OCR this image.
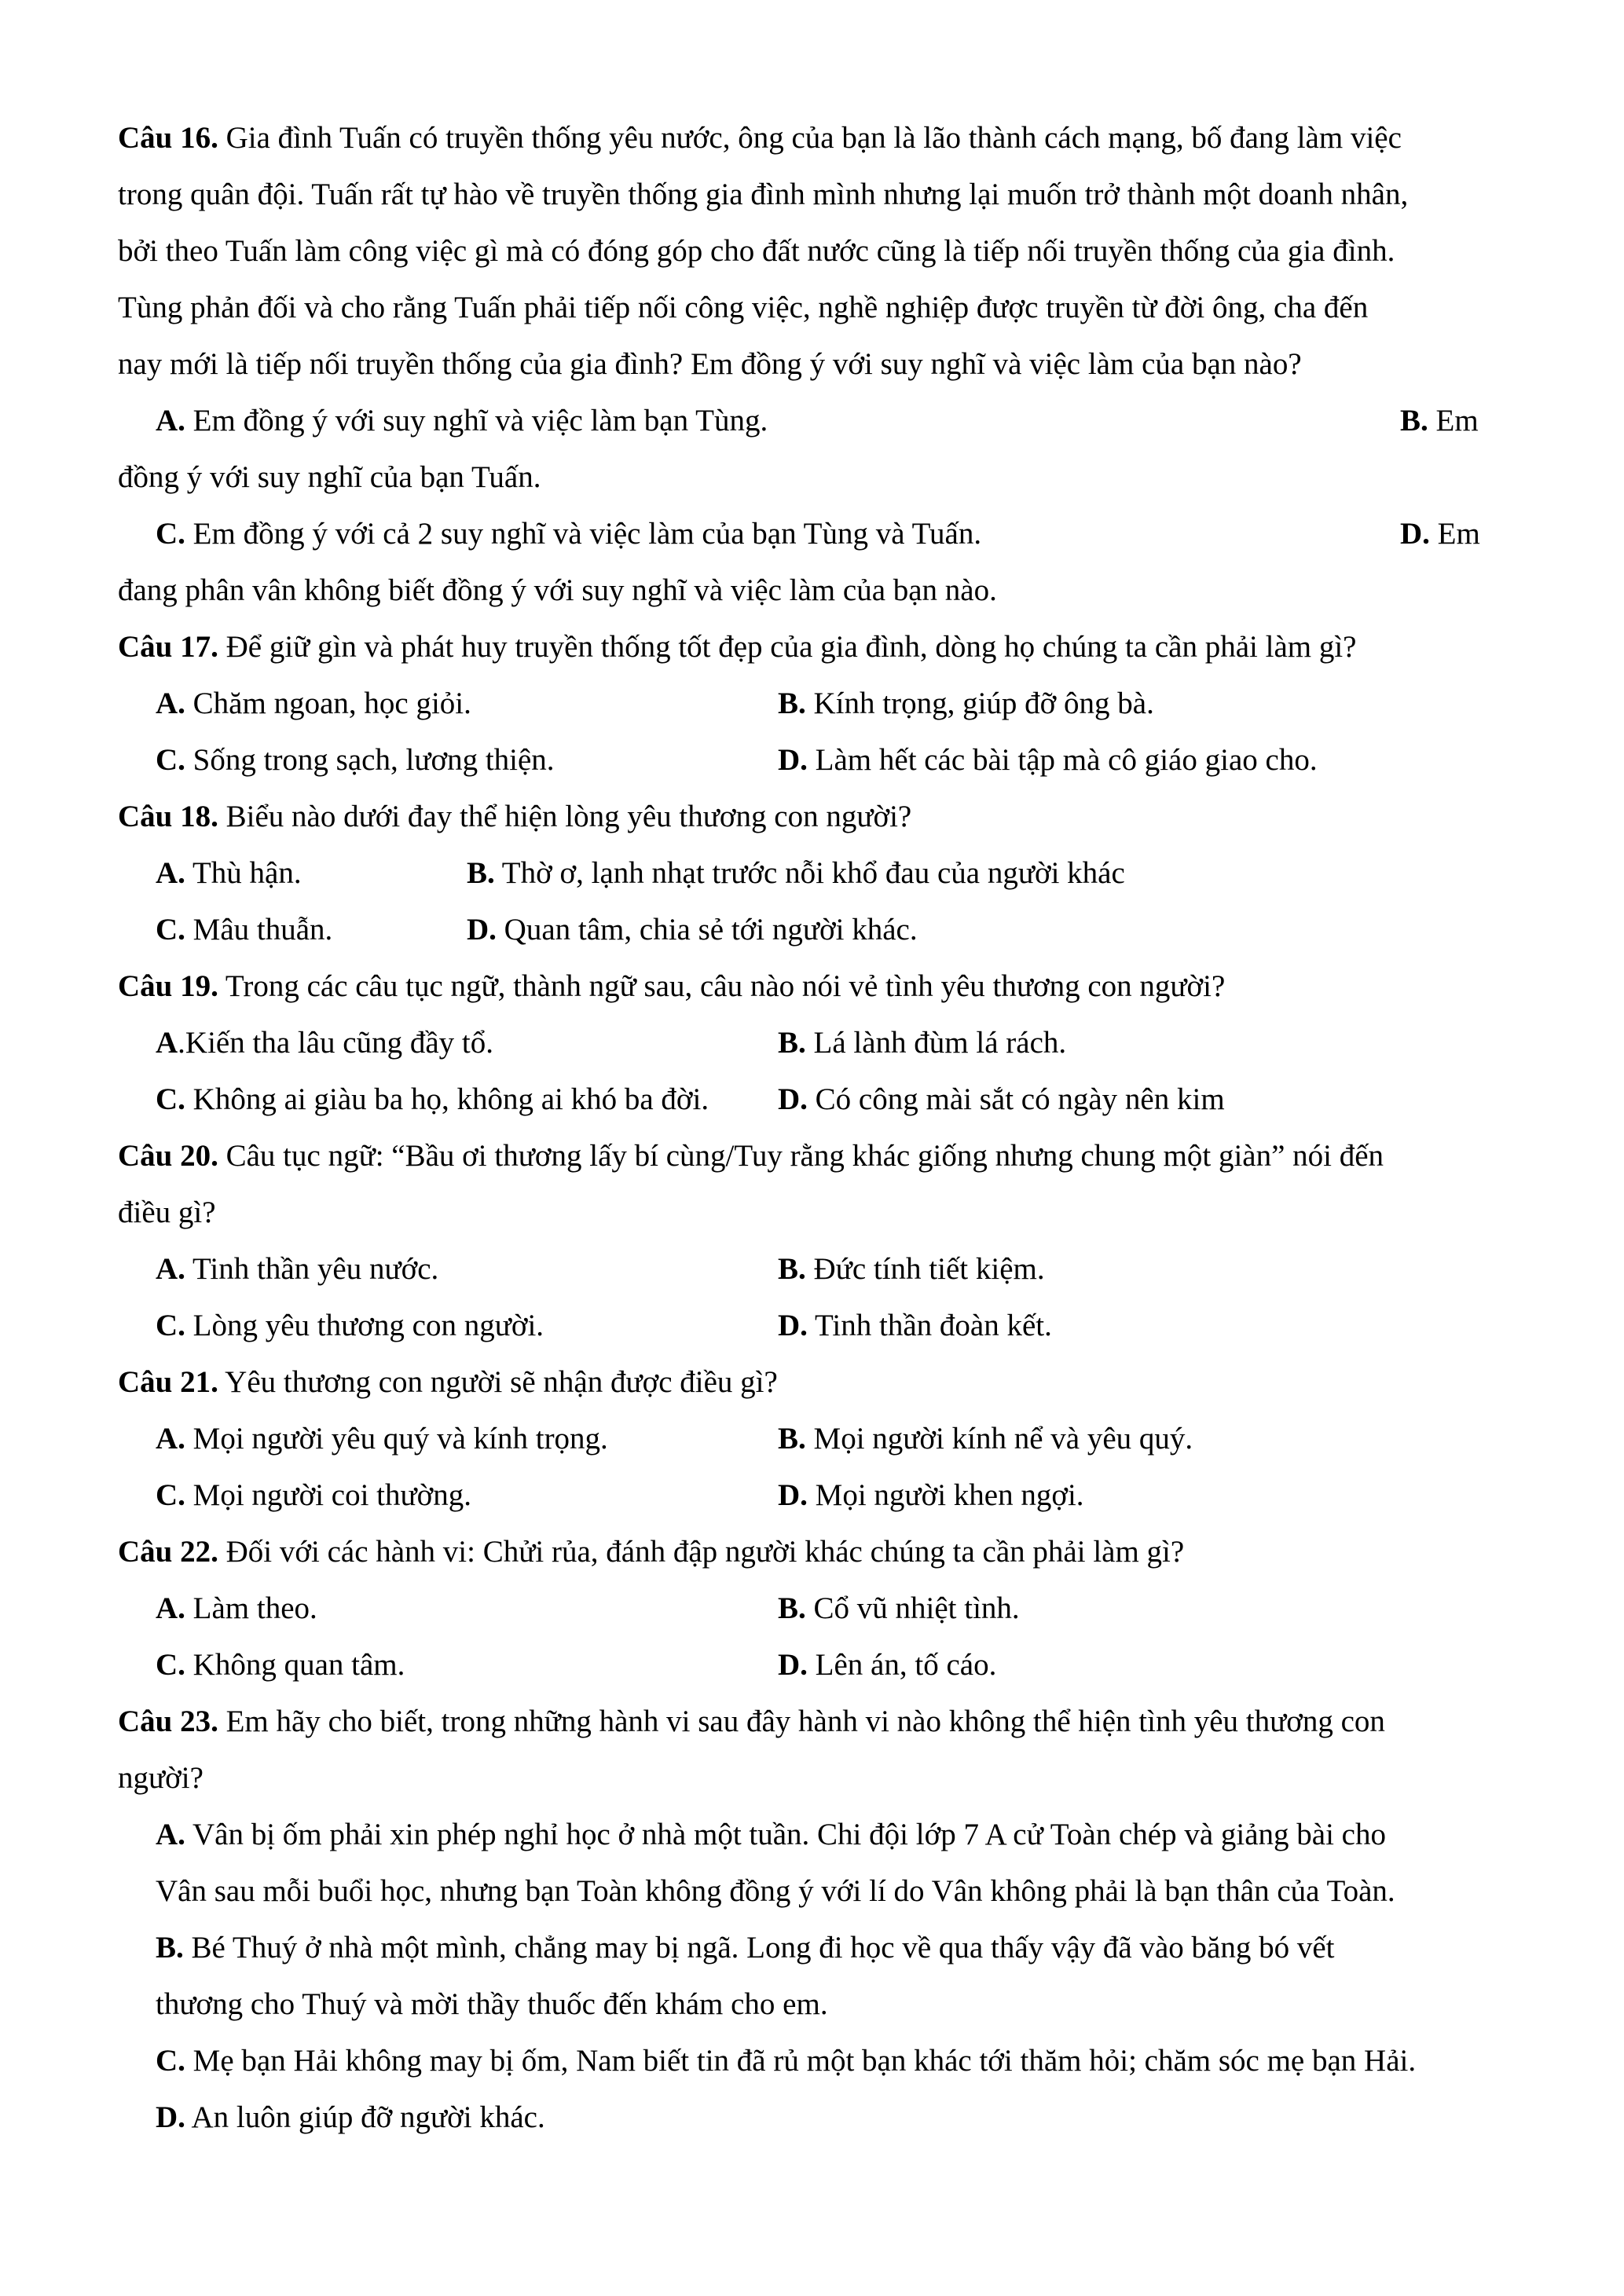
Câu 16. Gia đình Tuấn có truyền thống yêu nước, ông của bạn là lão thành cách mạng, bố đang làm việc
trong quân đội. Tuấn rất tự hào về truyền thống gia đình mình nhưng lại muốn trở thành một doanh nhân,
bởi theo Tuấn làm công việc gì mà có đóng góp cho đất nước cũng là tiếp nối truyền thống của gia đình.
Tùng phản đối và cho rằng Tuấn phải tiếp nối công việc, nghề nghiệp được truyền từ đời ông, cha đến
nay mới là tiếp nối truyền thống của gia đình? Em đồng ý với suy nghĩ và việc làm của bạn nào?
A. Em đồng ý với suy nghĩ và việc làm bạn Tùng.	B. Em
đồng ý với suy nghĩ của bạn Tuấn.
C. Em đồng ý với cả 2 suy nghĩ và việc làm của bạn Tùng và Tuấn.	D. Em
đang phân vân không biết đồng ý với suy nghĩ và việc làm của bạn nào.
Câu 17. Để giữ gìn và phát huy truyền thống tốt đẹp của gia đình, dòng họ chúng ta cần phải làm gì?
A. Chăm ngoan, học giỏi.	B. Kính trọng, giúp đỡ ông bà.
C. Sống trong sạch, lương thiện.	D. Làm hết các bài tập mà cô giáo giao cho.
Câu 18. Biểu nào dưới đay thể hiện lòng yêu thương con người?
A. Thù hận.	B. Thờ ơ, lạnh nhạt trước nỗi khổ đau của người khác
C. Mâu thuẫn.	D. Quan tâm, chia sẻ tới người khác.
Câu 19. Trong các câu tục ngữ, thành ngữ sau, câu nào nói vẻ tình yêu thương con người?
A.Kiến tha lâu cũng đầy tổ.	B. Lá lành đùm lá rách.
C. Không ai giàu ba họ, không ai khó ba đời. D. Có công mài sắt có ngày nên kim
Câu 20. Câu tục ngữ: “Bầu ơi thương lấy bí cùng/Tuy rằng khác giống nhưng chung một giàn” nói đến
điều gì?
A. Tinh thần yêu nước.	B. Đức tính tiết kiệm.
C. Lòng yêu thương con người.	D. Tinh thần đoàn kết.
Câu 21. Yêu thương con người sẽ nhận được điều gì?
A. Mọi người yêu quý và kính trọng.	B. Mọi người kính nể và yêu quý.
C. Mọi người coi thường.	D. Mọi người khen ngợi.
Câu 22. Đối với các hành vi: Chửi rủa, đánh đập người khác chúng ta cần phải làm gì?
A. Làm theo.	B. Cổ vũ nhiệt tình.
C. Không quan tâm.	D. Lên án, tố cáo.
Câu 23. Em hãy cho biết, trong những hành vi sau đây hành vi nào không thể hiện tình yêu thương con
người?
A. Vân bị ốm phải xin phép nghỉ học ở nhà một tuần. Chi đội lớp 7 A cử Toàn chép và giảng bài cho
Vân sau mỗi buổi học, nhưng bạn Toàn không đồng ý với lí do Vân không phải là bạn thân của Toàn.
B. Bé Thuý ở nhà một mình, chẳng may bị ngã. Long đi học về qua thấy vậy đã vào băng bó vết
thương cho Thuý và mời thầy thuốc đến khám cho em.
C. Mẹ bạn Hải không may bị ốm, Nam biết tin đã rủ một bạn khác tới thăm hỏi; chăm sóc mẹ bạn Hải.
D. An luôn giúp đỡ người khác.
